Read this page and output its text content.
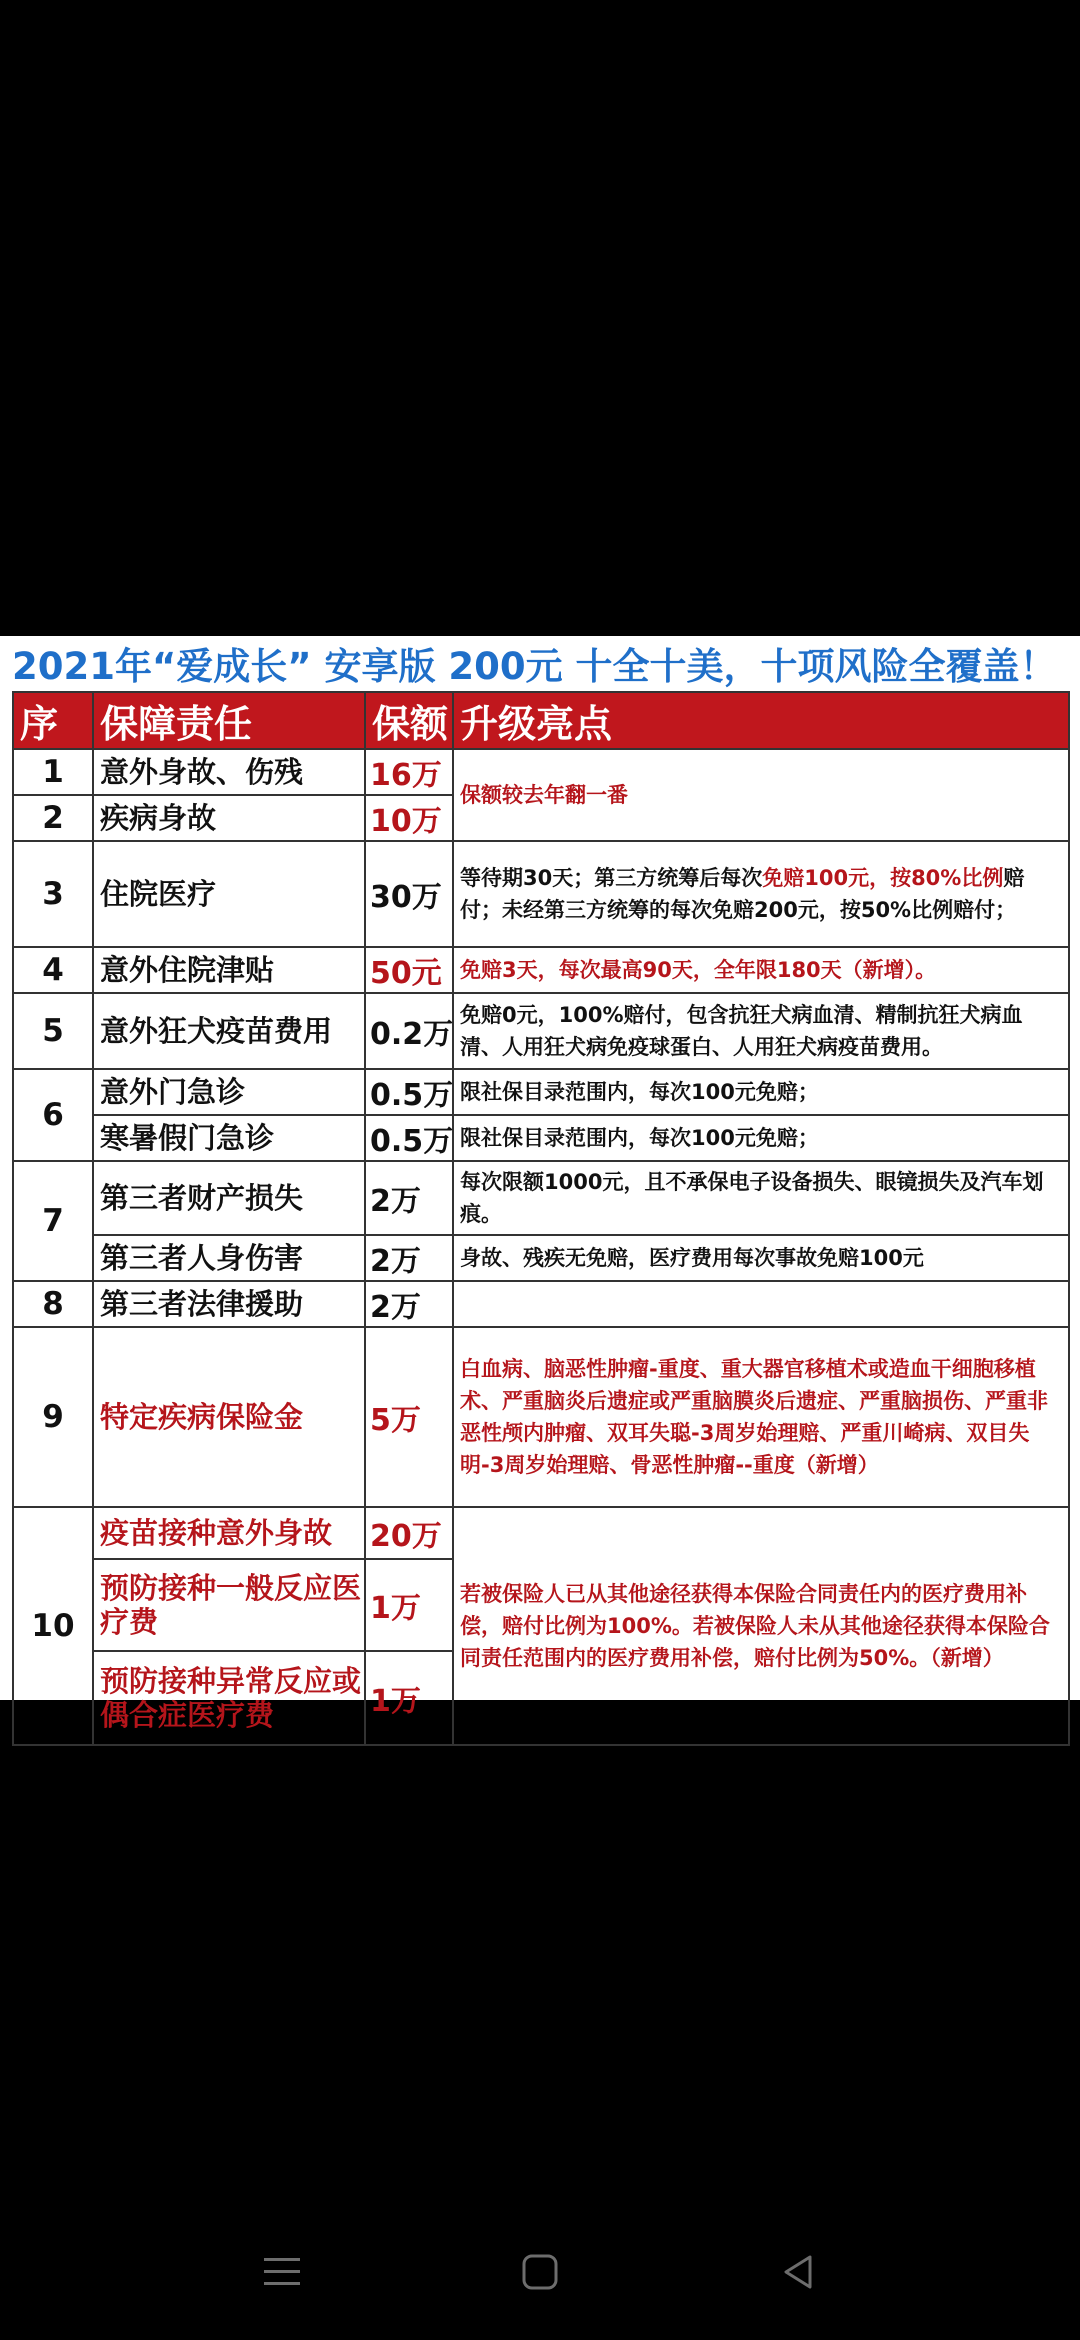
2021年“爱成长” 安享版 200元 十全十美，十项风险全覆盖！
序	保障责任	保额	升级亮点
1	意外身故、伤残	16万	保额较去年翻一番
2	疾病身故	10万	
3	住院医疗	30万	等待期30天；第三方统筹后每次免赔100元，按80%比例赔付；未经第三方统筹的每次免赔200元，按50%比例赔付；
4	意外住院津贴	50元	免赔3天，每次最高90天，全年限180天（新增）。
5	意外狂犬疫苗费用	0.2万	免赔0元，100%赔付，包含抗狂犬病血清、精制抗狂犬病血清、人用狂犬病免疫球蛋白、人用狂犬病疫苗费用。
6	意外门急诊	0.5万	限社保目录范围内，每次100元免赔；
	寒暑假门急诊	0.5万	限社保目录范围内，每次100元免赔；
7	第三者财产损失	2万	每次限额1000元，且不承保电子设备损失、眼镜损失及汽车划痕。
	第三者人身伤害	2万	身故、残疾无免赔，医疗费用每次事故免赔100元
8	第三者法律援助	2万	
9	特定疾病保险金	5万	白血病、脑恶性肿瘤-重度、重大器官移植术或造血干细胞移植术、严重脑炎后遗症或严重脑膜炎后遗症、严重脑损伤、严重非恶性颅内肿瘤、双耳失聪-3周岁始理赔、严重川崎病、双目失明-3周岁始理赔、骨恶性肿瘤--重度（新增）
10	疫苗接种意外身故	20万	若被保险人已从其他途径获得本保险合同责任内的医疗费用补偿，赔付比例为100%。若被保险人未从其他途径获得本保险合同责任范围内的医疗费用补偿，赔付比例为50%。（新增）
	预防接种一般反应医疗费	1万	
	预防接种异常反应或偶合症医疗费	1万	
